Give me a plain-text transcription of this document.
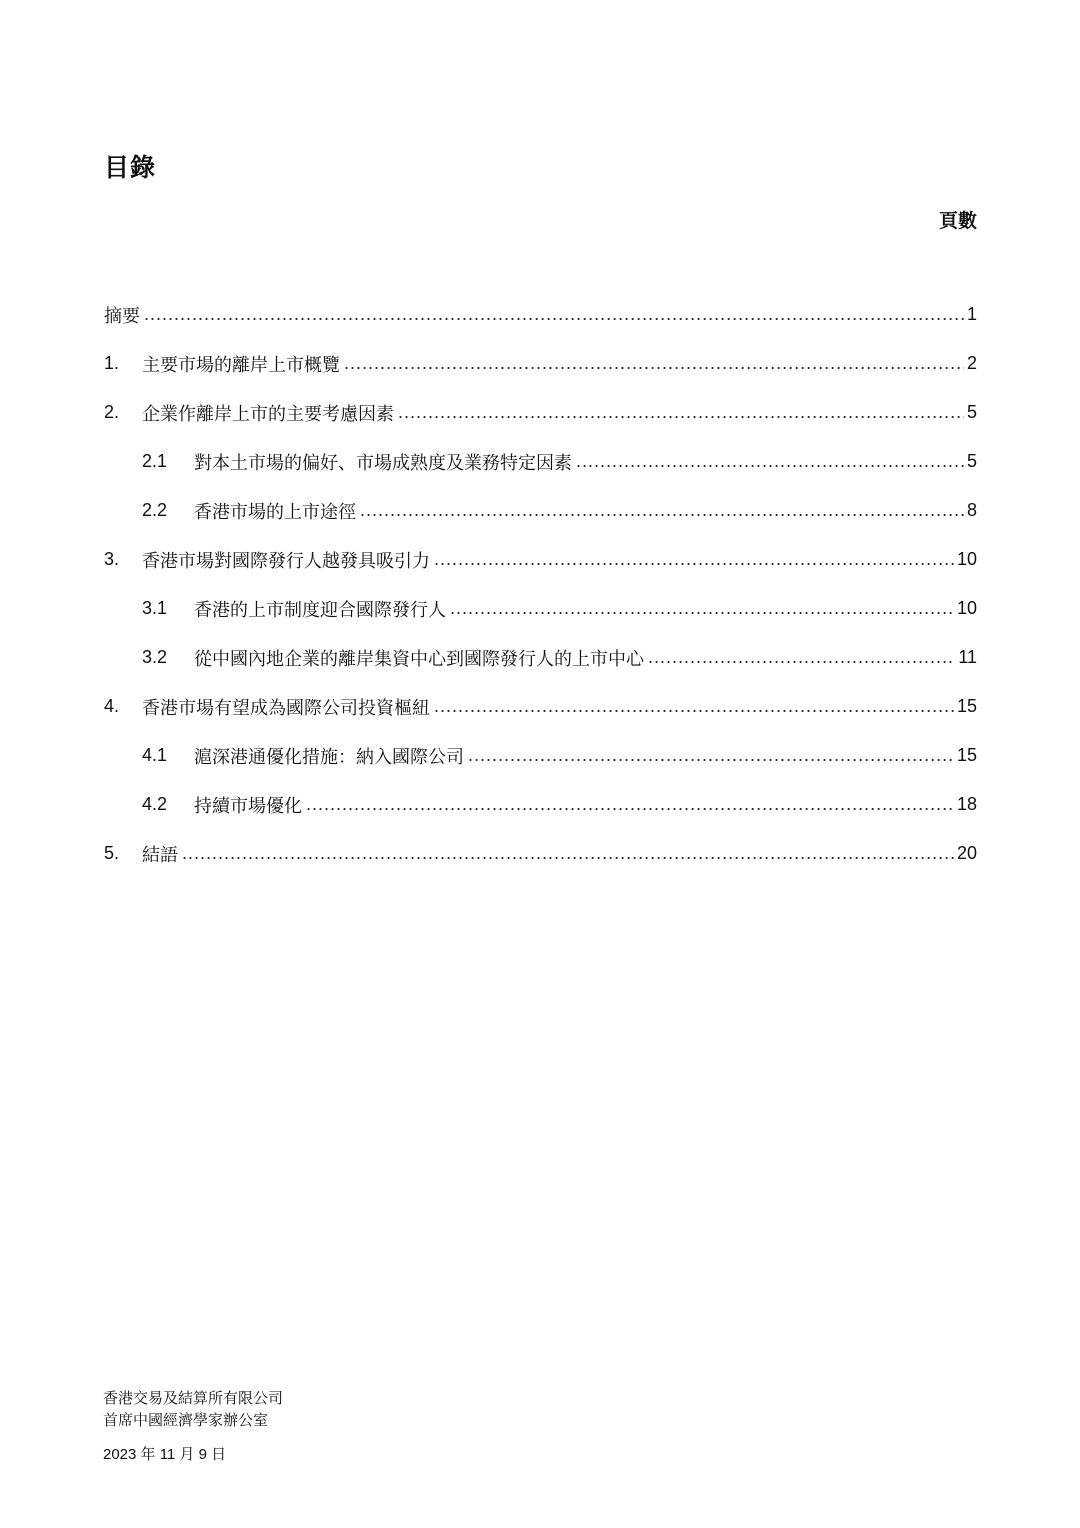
目錄
頁數
摘要 .....	1
1.	主要市場的離岸上市概覽 .....	2
2.	企業作離岸上市的主要考慮因素 .....	5
2.1	對本土市場的偏好、市場成熟度及業務特定因素 .....	5
2.2	香港市場的上市途徑 .....	8
3.	香港市場對國際發行人越發具吸引力 .....	10
3.1	香港的上市制度迎合國際發行人 .....	10
3.2	從中國內地企業的離岸集資中心到國際發行人的上市中心 .....	11
4.	香港市場有望成為國際公司投資樞紐 .....	15
4.1	滬深港通優化措施：納入國際公司 .....	15
4.2	持續市場優化 .....	18
5.	結語 .....	20
香港交易及結算所有限公司
首席中國經濟學家辦公室
2023 年 11 月 9 日
